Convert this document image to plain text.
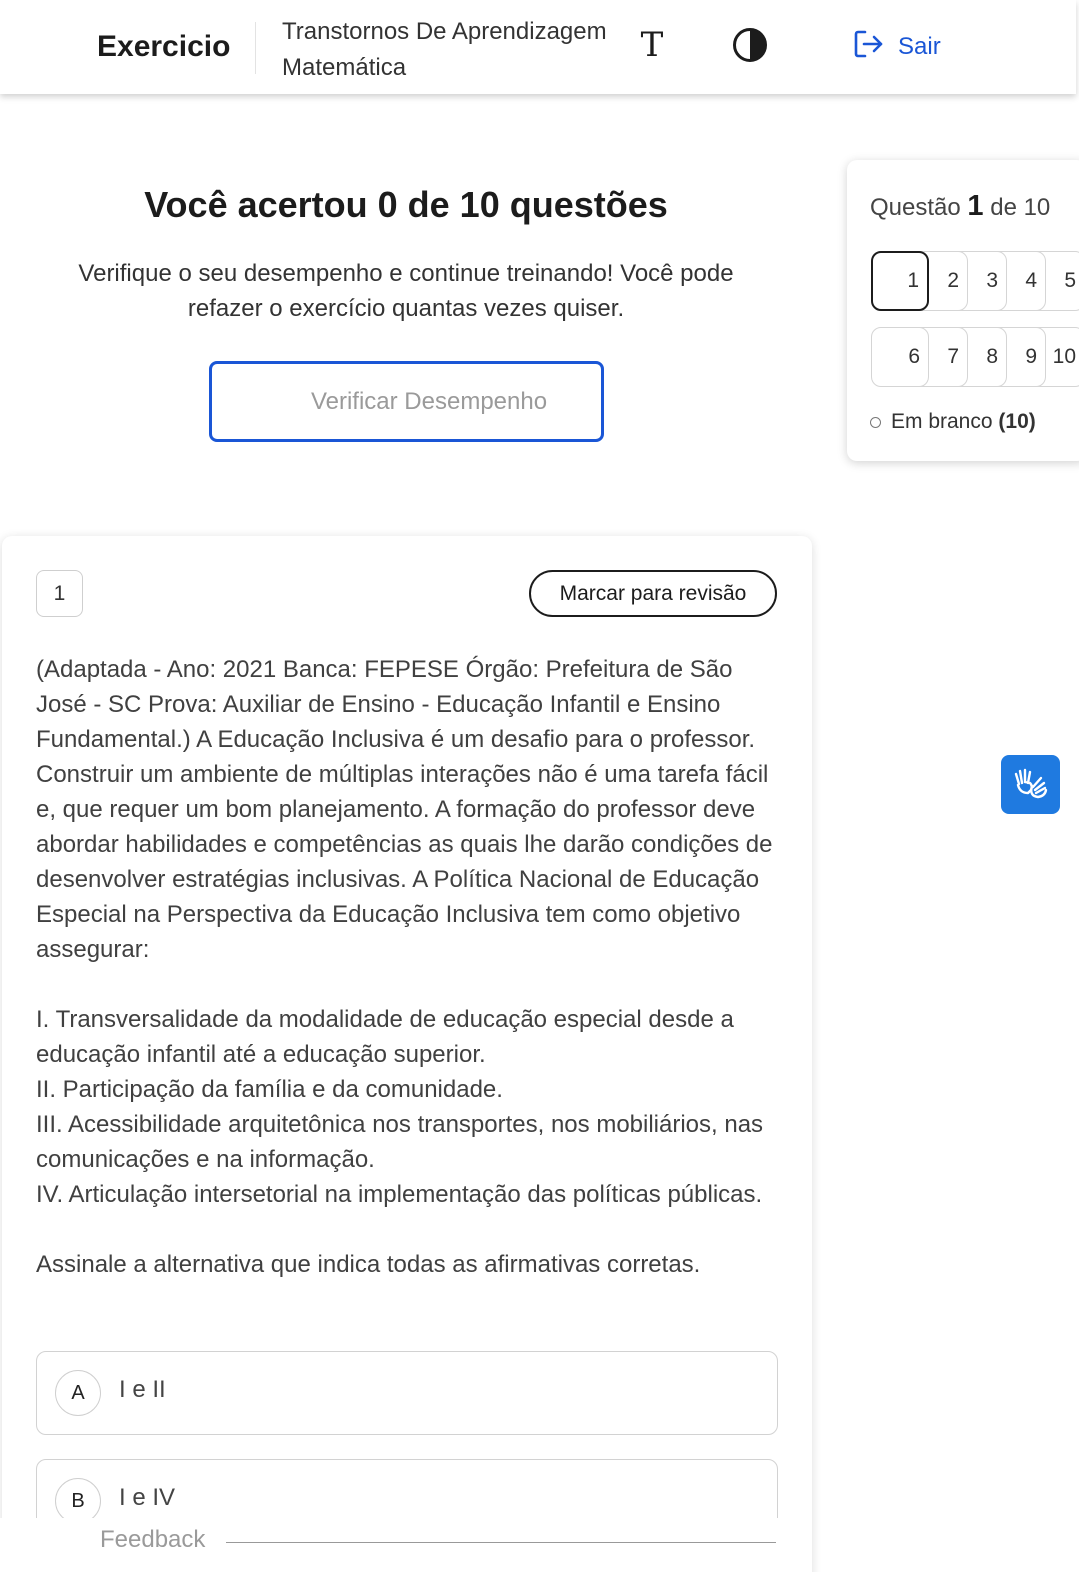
Exercicio Transtornos De Aprendizagem Matemática
T	Sair
Você acertou 0 de 10 questões
Verifique o seu desempenho e continue treinando! Você pode refazer o exercício quantas vezes quiser.
Verificar Desempenho
Questão 1 de 10
1	2	3	4	5
6	7	8	9 10
Em branco (10)
1	Marcar para revisão

(Adaptada - Ano: 2021 Banca: FEPESE Órgão: Prefeitura de São José - SC Prova: Auxiliar de Ensino - Educação Infantil e Ensino Fundamental.) A Educação Inclusiva é um desafio para o professor. Construir um ambiente de múltiplas interações não é uma tarefa fácil e, que requer um bom planejamento. A formação do professor deve abordar habilidades e competências as quais lhe darão condições de desenvolver estratégias inclusivas. A Política Nacional de Educação Especial na Perspectiva da Educação Inclusiva tem como objetivo assegurar:

I. Transversalidade da modalidade de educação especial desde a educação infantil até a educação superior.

II. Participação da família e da comunidade.

III. Acessibilidade arquitetônica nos transportes, nos mobiliários, nas comunicações e na informação.

IV. Articulação intersetorial na implementação das políticas públicas.

Assinale a alternativa que indica todas as afirmativas corretas.

A	I e II
B	I e IV
Feedback
